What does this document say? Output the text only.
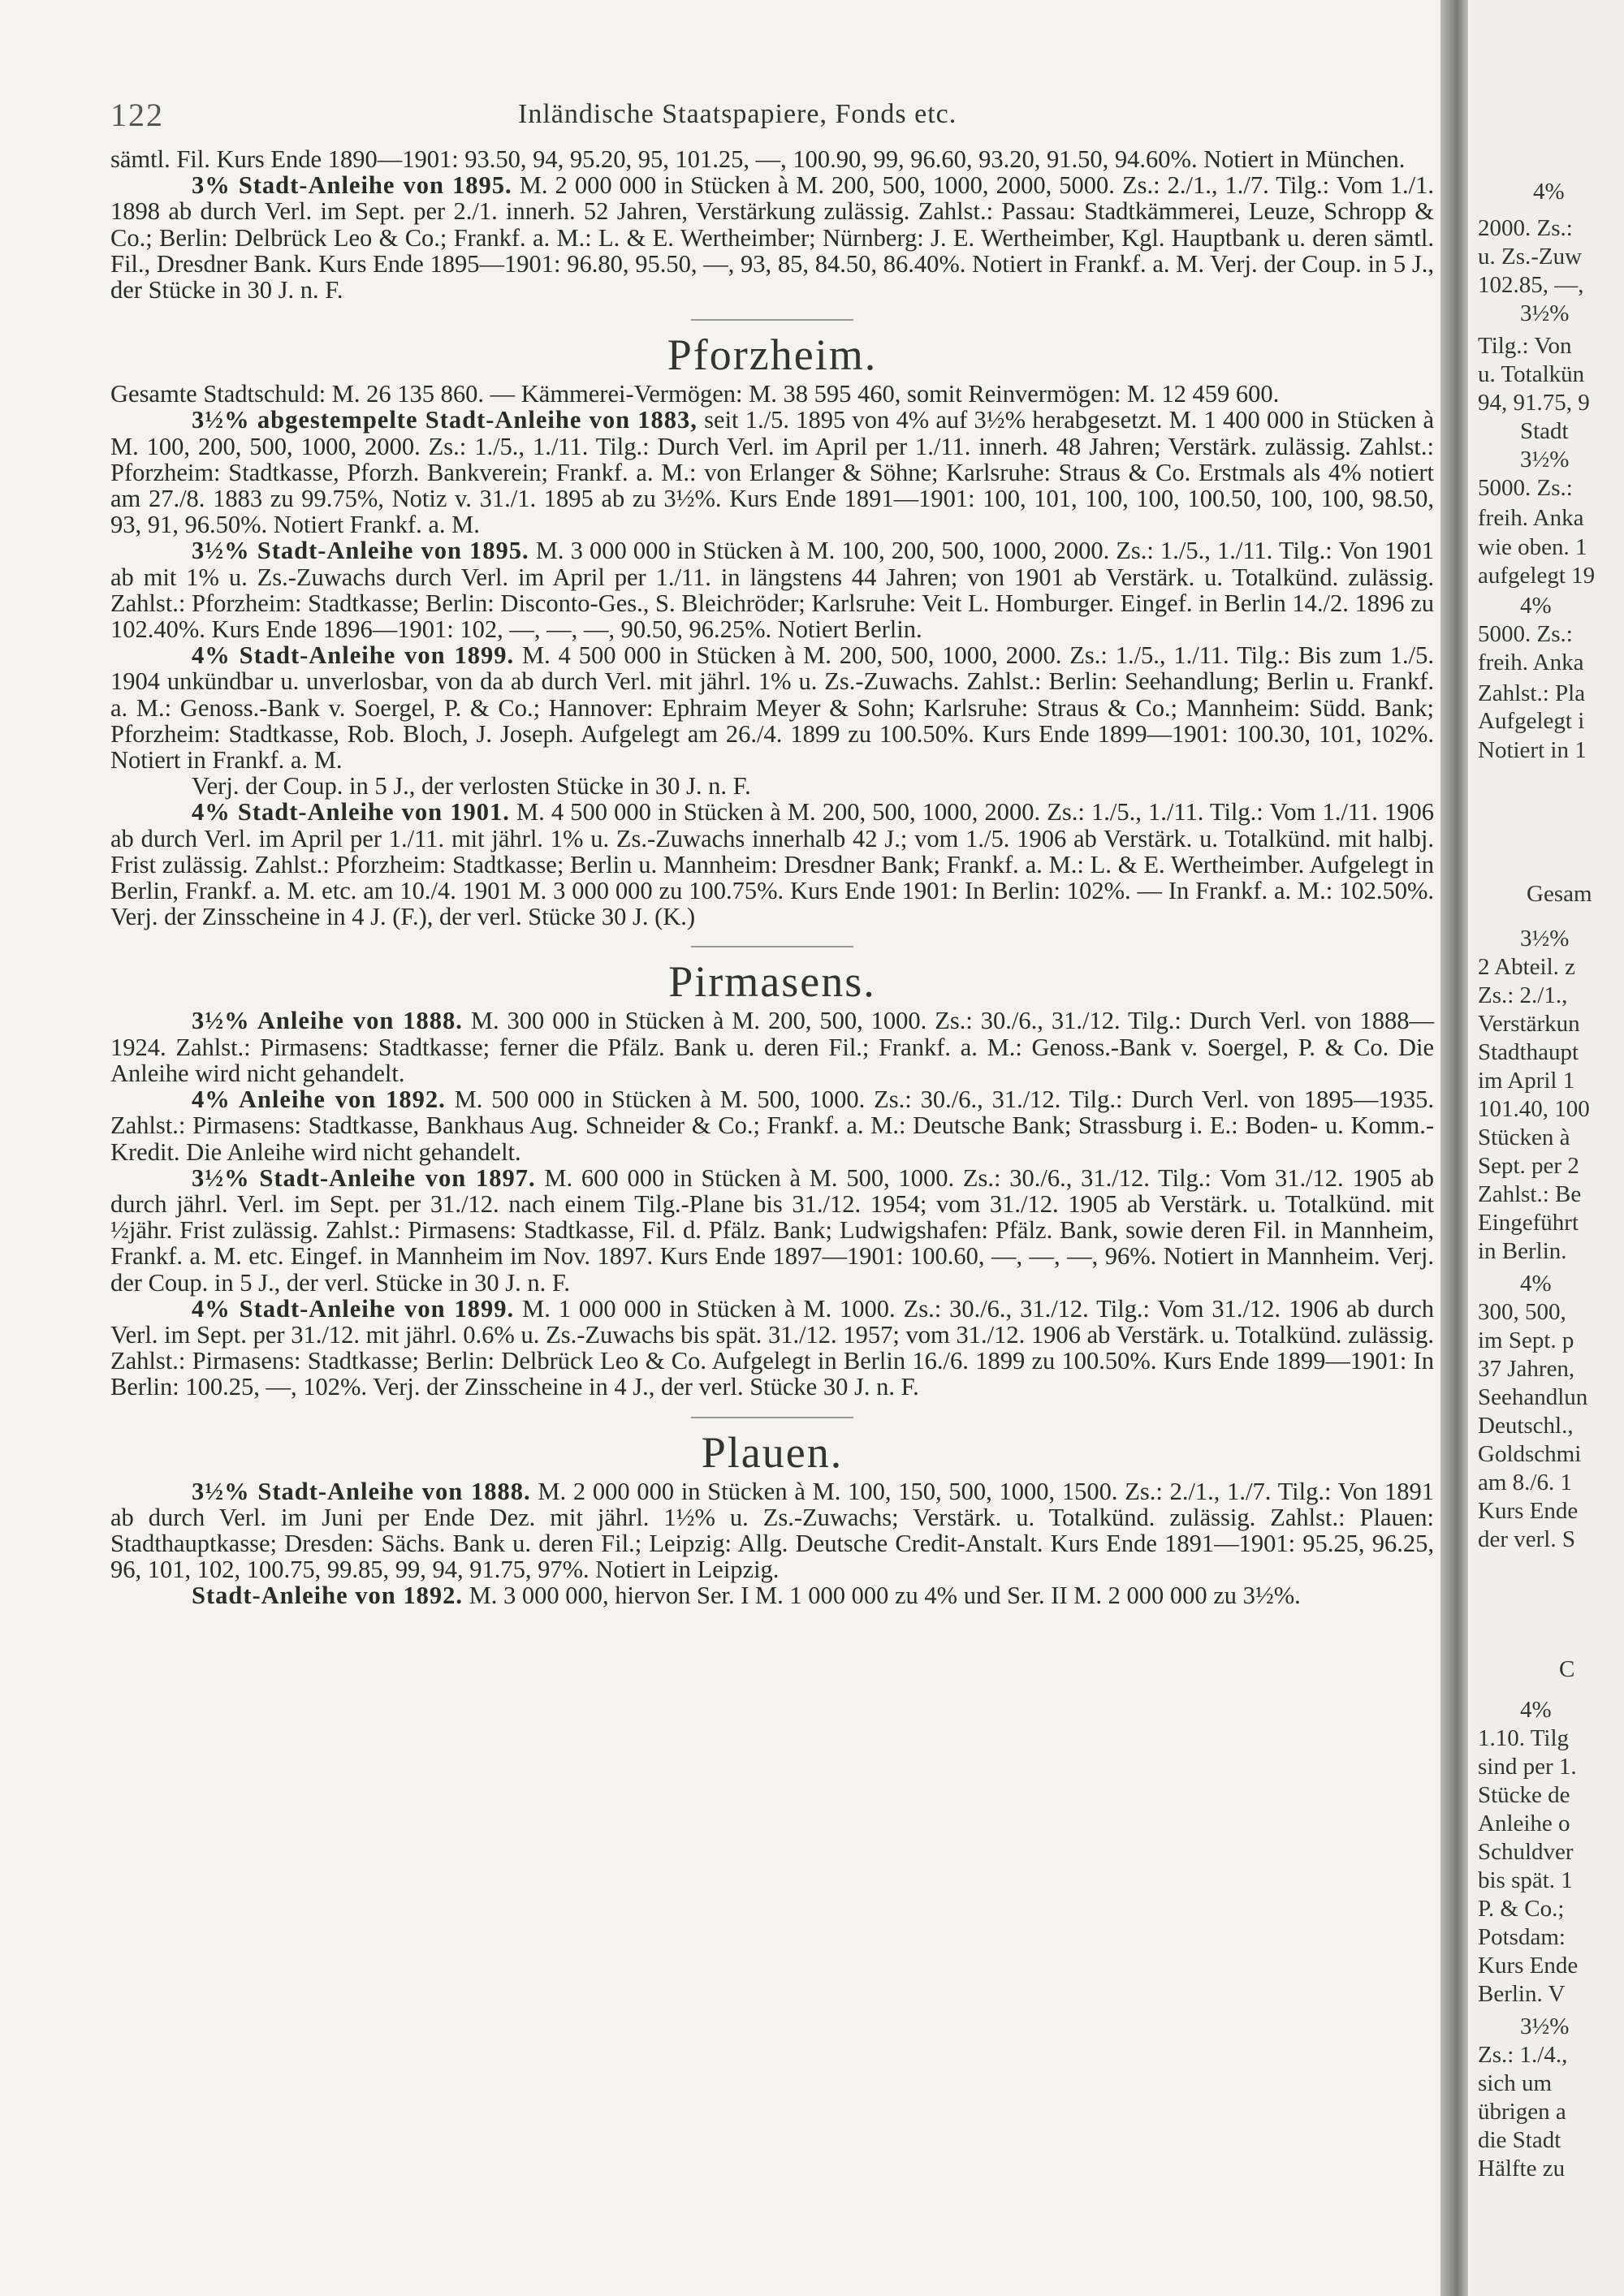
122	Inländische Staatspapiere, Fonds etc.

sämtl. Fil. Kurs Ende 1890—1901: 93.50, 94, 95.20, 95, 101.25, —, 100.90, 99, 96.60, 93.20, 91.50, 94.60%. Notiert in München.

3% Stadt-Anleihe von 1895. M. 2 000 000 in Stücken à M. 200, 500, 1000, 2000, 5000. Zs.: 2./1., 1./7. Tilg.: Vom 1./1. 1898 ab durch Verl. im Sept. per 2./1. innerh. 52 Jahren, Verstärkung zulässig. Zahlst.: Passau: Stadtkämmerei, Leuze, Schropp & Co.; Berlin: Delbrück Leo & Co.; Frankf. a. M.: L. & E. Wertheimber; Nürnberg: J. E. Wertheimber, Kgl. Hauptbank u. deren sämtl. Fil., Dresdner Bank. Kurs Ende 1895—1901: 96.80, 95.50, —, 93, 85, 84.50, 86.40%. Notiert in Frankf. a. M. Verj. der Coup. in 5 J., der Stücke in 30 J. n. F.

Pforzheim.

Gesamte Stadtschuld: M. 26 135 860. — Kämmerei-Vermögen: M. 38 595 460, somit Reinvermögen: M. 12 459 600.

3½% abgestempelte Stadt-Anleihe von 1883, seit 1./5. 1895 von 4% auf 3½% herabgesetzt. M. 1 400 000 in Stücken à M. 100, 200, 500, 1000, 2000. Zs.: 1./5., 1./11. Tilg.: Durch Verl. im April per 1./11. innerh. 48 Jahren; Verstärk. zulässig. Zahlst.: Pforzheim: Stadtkasse, Pforzh. Bankverein; Frankf. a. M.: von Erlanger & Söhne; Karlsruhe: Straus & Co. Erstmals als 4% notiert am 27./8. 1883 zu 99.75%, Notiz v. 31./1. 1895 ab zu 3½%. Kurs Ende 1891—1901: 100, 101, 100, 100, 100.50, 100, 100, 98.50, 93, 91, 96.50%. Notiert Frankf. a. M.

3½% Stadt-Anleihe von 1895. M. 3 000 000 in Stücken à M. 100, 200, 500, 1000, 2000. Zs.: 1./5., 1./11. Tilg.: Von 1901 ab mit 1% u. Zs.-Zuwachs durch Verl. im April per 1./11. in längstens 44 Jahren; von 1901 ab Verstärk. u. Totalkünd. zulässig. Zahlst.: Pforzheim: Stadtkasse; Berlin: Disconto-Ges., S. Bleichröder; Karlsruhe: Veit L. Homburger. Eingef. in Berlin 14./2. 1896 zu 102.40%. Kurs Ende 1896—1901: 102, —, —, —, 90.50, 96.25%. Notiert Berlin.

4% Stadt-Anleihe von 1899. M. 4 500 000 in Stücken à M. 200, 500, 1000, 2000. Zs.: 1./5., 1./11. Tilg.: Bis zum 1./5. 1904 unkündbar u. unverlosbar, von da ab durch Verl. mit jährl. 1% u. Zs.-Zuwachs. Zahlst.: Berlin: Seehandlung; Berlin u. Frankf. a. M.: Genoss.-Bank v. Soergel, P. & Co.; Hannover: Ephraim Meyer & Sohn; Karlsruhe: Straus & Co.; Mannheim: Südd. Bank; Pforzheim: Stadtkasse, Rob. Bloch, J. Joseph. Aufgelegt am 26./4. 1899 zu 100.50%. Kurs Ende 1899—1901: 100.30, 101, 102%. Notiert in Frankf. a. M.

Verj. der Coup. in 5 J., der verlosten Stücke in 30 J. n. F.

4% Stadt-Anleihe von 1901. M. 4 500 000 in Stücken à M. 200, 500, 1000, 2000. Zs.: 1./5., 1./11. Tilg.: Vom 1./11. 1906 ab durch Verl. im April per 1./11. mit jährl. 1% u. Zs.-Zuwachs innerhalb 42 J.; vom 1./5. 1906 ab Verstärk. u. Totalkünd. mit halbj. Frist zulässig. Zahlst.: Pforzheim: Stadtkasse; Berlin u. Mannheim: Dresdner Bank; Frankf. a. M.: L. & E. Wertheimber. Aufgelegt in Berlin, Frankf. a. M. etc. am 10./4. 1901 M. 3 000 000 zu 100.75%. Kurs Ende 1901: In Berlin: 102%. — In Frankf. a. M.: 102.50%. Verj. der Zinsscheine in 4 J. (F.), der verl. Stücke 30 J. (K.)

Pirmasens.

3½% Anleihe von 1888. M. 300 000 in Stücken à M. 200, 500, 1000. Zs.: 30./6., 31./12. Tilg.: Durch Verl. von 1888—1924. Zahlst.: Pirmasens: Stadtkasse; ferner die Pfälz. Bank u. deren Fil.; Frankf. a. M.: Genoss.-Bank v. Soergel, P. & Co. Die Anleihe wird nicht gehandelt.

4% Anleihe von 1892. M. 500 000 in Stücken à M. 500, 1000. Zs.: 30./6., 31./12. Tilg.: Durch Verl. von 1895—1935. Zahlst.: Pirmasens: Stadtkasse, Bankhaus Aug. Schneider & Co.; Frankf. a. M.: Deutsche Bank; Strassburg i. E.: Boden- u. Komm.-Kredit. Die Anleihe wird nicht gehandelt.

3½% Stadt-Anleihe von 1897. M. 600 000 in Stücken à M. 500, 1000. Zs.: 30./6., 31./12. Tilg.: Vom 31./12. 1905 ab durch jährl. Verl. im Sept. per 31./12. nach einem Tilg.-Plane bis 31./12. 1954; vom 31./12. 1905 ab Verstärk. u. Totalkünd. mit ½jähr. Frist zulässig. Zahlst.: Pirmasens: Stadtkasse, Fil. d. Pfälz. Bank; Ludwigshafen: Pfälz. Bank, sowie deren Fil. in Mannheim, Frankf. a. M. etc. Eingef. in Mannheim im Nov. 1897. Kurs Ende 1897—1901: 100.60, —, —, —, 96%. Notiert in Mannheim. Verj. der Coup. in 5 J., der verl. Stücke in 30 J. n. F.

4% Stadt-Anleihe von 1899. M. 1 000 000 in Stücken à M. 1000. Zs.: 30./6., 31./12. Tilg.: Vom 31./12. 1906 ab durch Verl. im Sept. per 31./12. mit jährl. 0.6% u. Zs.-Zuwachs bis spät. 31./12. 1957; vom 31./12. 1906 ab Verstärk. u. Totalkünd. zulässig. Zahlst.: Pirmasens: Stadtkasse; Berlin: Delbrück Leo & Co. Aufgelegt in Berlin 16./6. 1899 zu 100.50%. Kurs Ende 1899—1901: In Berlin: 100.25, —, 102%. Verj. der Zinsscheine in 4 J., der verl. Stücke 30 J. n. F.

Plauen.

3½% Stadt-Anleihe von 1888. M. 2 000 000 in Stücken à M. 100, 150, 500, 1000, 1500. Zs.: 2./1., 1./7. Tilg.: Von 1891 ab durch Verl. im Juni per Ende Dez. mit jährl. 1½% u. Zs.-Zuwachs; Verstärk. u. Totalkünd. zulässig. Zahlst.: Plauen: Stadthauptkasse; Dresden: Sächs. Bank u. deren Fil.; Leipzig: Allg. Deutsche Credit-Anstalt. Kurs Ende 1891—1901: 95.25, 96.25, 96, 101, 102, 100.75, 99.85, 99, 94, 91.75, 97%. Notiert in Leipzig.

Stadt-Anleihe von 1892. M. 3 000 000, hiervon Ser. I M. 1 000 000 zu 4% und Ser. II M. 2 000 000 zu 3½%.

4%
2000. Zs.:
u. Zs.-Zuw
102.85, —,
3½%
Tilg.: Von
u. Totalkün
94, 91.75, 9
Stadt
3½%
5000. Zs.:
freih. Anka
wie oben. 1
aufgelegt 19
4%
5000. Zs.:
freih. Anka
Zahlst.: Pla
Aufgelegt i
Notiert in 1
Gesam
3½%
2 Abteil. z
Zs.: 2./1.,
Verstärkun
Stadthaupt
im April 1
101.40, 100
Stücken à
Sept. per 2
Zahlst.: Be
Eingeführt
in Berlin.
4%
300, 500,
im Sept. p
37 Jahren,
Seehandlun
Deutschl.,
Goldschmi
am 8./6. 1
Kurs Ende
der verl. S
C
4%
1.10. Tilg
sind per 1.
Stücke de
Anleihe o
Schuldver
bis spät. 1
P. & Co.;
Potsdam:
Kurs Ende
Berlin. V
3½%
Zs.: 1./4.,
sich um
übrigen a
die Stadt
Hälfte zu
